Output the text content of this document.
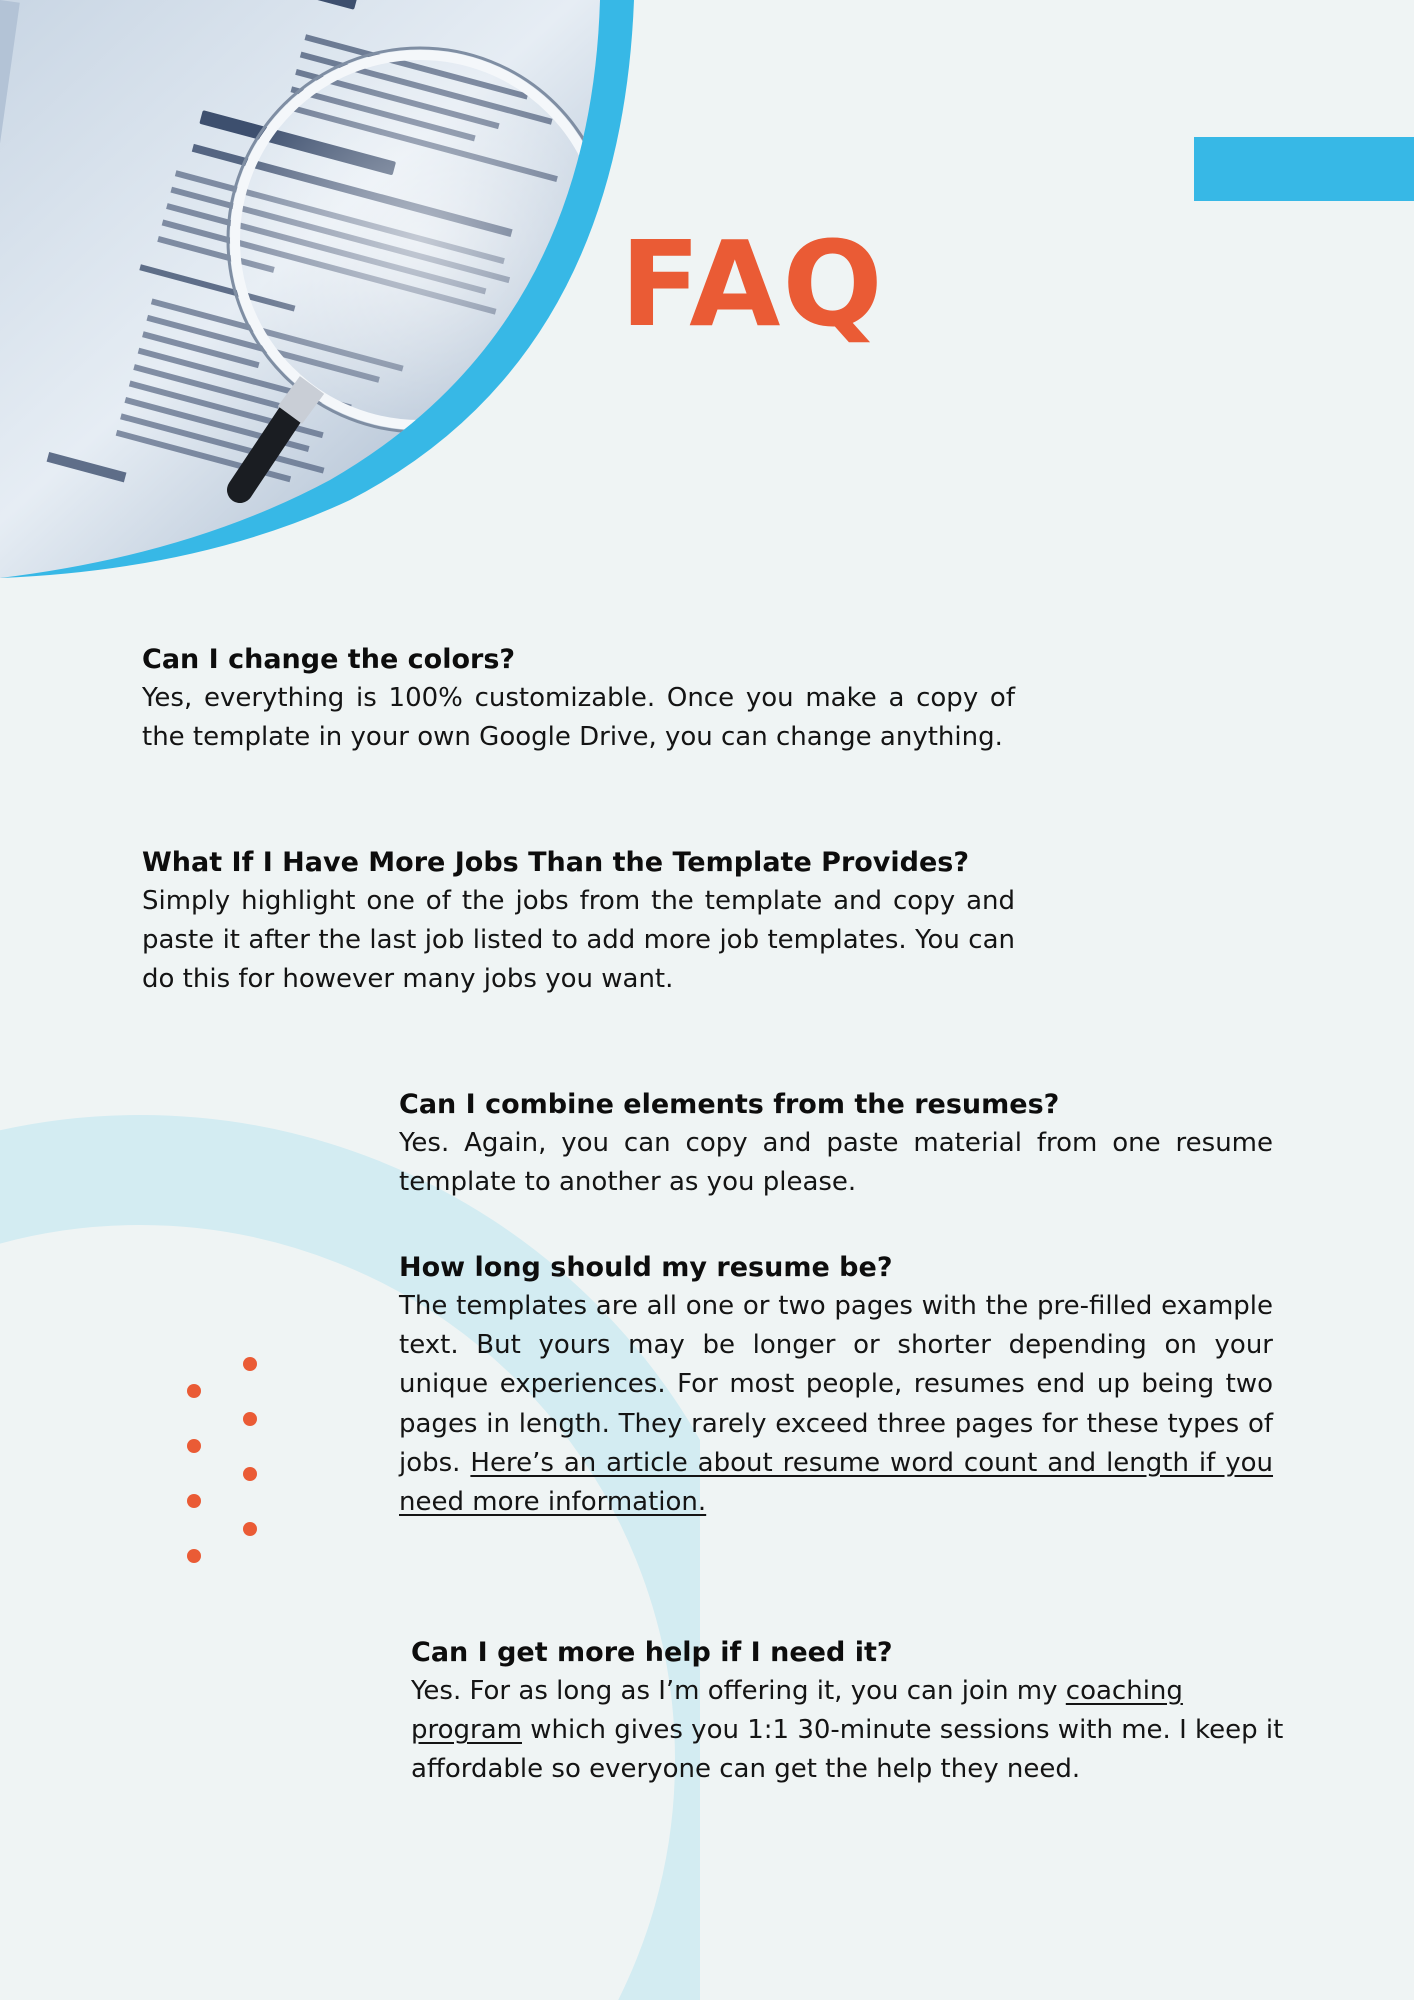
FAQ
Can I change the colors?

Yes, everything is 100% customizable. Once you make a copy of the template in your own Google Drive, you can change anything.

What If I Have More Jobs Than the Template Provides?

Simply highlight one of the jobs from the template and copy and paste it after the last job listed to add more job templates. You can do this for however many jobs you want.

Can I combine elements from the resumes?

Yes. Again, you can copy and paste material from one resume template to another as you please.

How long should my resume be?

The templates are all one or two pages with the pre-filled example text. But yours may be longer or shorter depending on your unique experiences. For most people, resumes end up being two pages in length. They rarely exceed three pages for these types of jobs. Here’s an article about resume word count and length if you need more information.

Can I get more help if I need it?

Yes. For as long as I’m offering it, you can join my coaching program which gives you 1:1 30-minute sessions with me. I keep it affordable so everyone can get the help they need.
